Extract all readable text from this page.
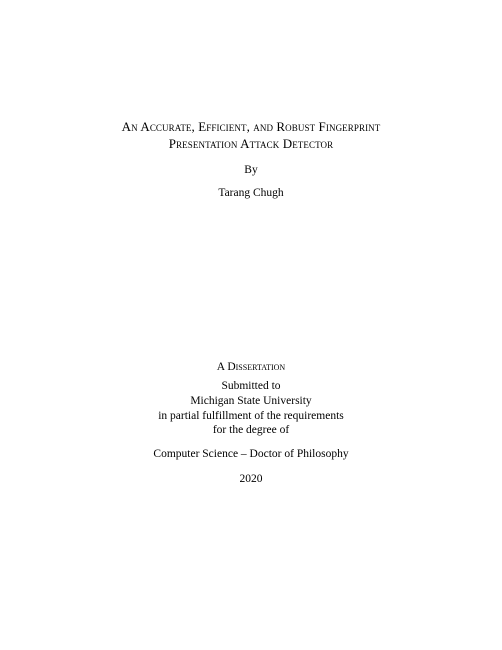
An Accurate, Efficient, and Robust Fingerprint
Presentation Attack Detector

By

Tarang Chugh

A Dissertation

Submitted to

Michigan State University

in partial fulfillment of the requirements

for the degree of

Computer Science – Doctor of Philosophy

2020
